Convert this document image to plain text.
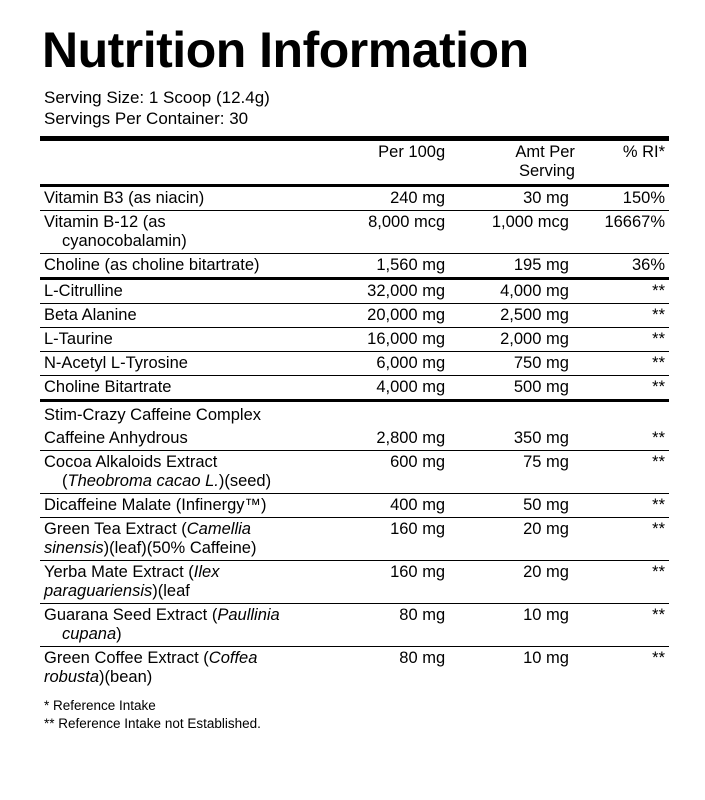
Nutrition Information
Serving Size: 1 Scoop (12.4g)
Servings Per Container: 30
	Per 100g	Amt Per Serving	% RI*
Vitamin B3 (as niacin)	240 mg	30 mg	150%

Vitamin B-12 (as
cyanocobalamin)	8,000 mcg	1,000 mcg	16667%
Choline (as choline bitartrate)	1,560 mg	195 mg	36%
L-Citrulline	32,000 mg	4,000 mg	**
Beta Alanine	20,000 mg	2,500 mg	**
L-Taurine	16,000 mg	2,000 mg	**
N-Acetyl L-Tyrosine	6,000 mg	750 mg	**
Choline Bitartrate	4,000 mg	500 mg	**
Stim-Crazy Caffeine Complex			
Caffeine Anhydrous	2,800 mg	350 mg	**

Cocoa Alkaloids Extract
(Theobroma cacao L.)(seed)	600 mg	75 mg	**
Dicaffeine Malate (Infinergy™)	400 mg	50 mg	**

Green Tea Extract (Camellia
sinensis)(leaf)(50% Caffeine)	160 mg	20 mg	**

Yerba Mate Extract (Ilex
paraguariensis)(leaf	160 mg	20 mg	**

Guarana Seed Extract (Paullinia
cupana)	80 mg	10 mg	**

Green Coffee Extract (Coffea
robusta)(bean)	80 mg	10 mg	**
* Reference Intake
** Reference Intake not Established.
